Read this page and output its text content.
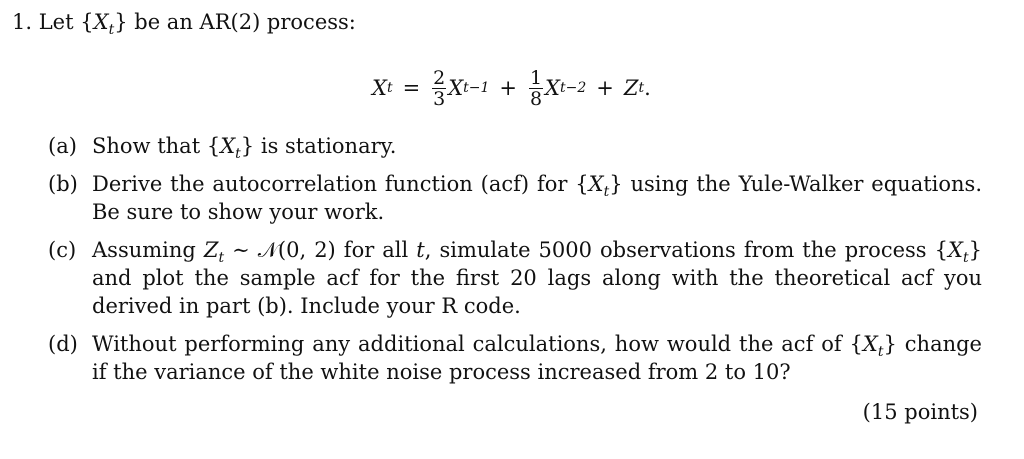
1. Let $\{X_t\}$ be an AR(2) process:
X $t = \frac{2}{3}$ X $t-1 + \frac{1}{8}$ X t−2 + Z t .
(a) Show that $\{X_t\}$ is stationary.
(b) Derive the autocorrelation function (acf) for $\{X_t\}$ using the Yule-Walker equations. Be sure to show your work.
(c) Assuming $Z_t$ ∼ 𝒩(0, 2) for all t, simulate 5000 observations from the process $\{X_t\}$ and plot the sample acf for the first 20 lags along with the theoretical acf you derived in part (b). Include your R code.
(d) Without performing any additional calculations, how would the acf of $\{X_t\}$ change if the variance of the white noise process increased from 2 to 10?
(15 points)
